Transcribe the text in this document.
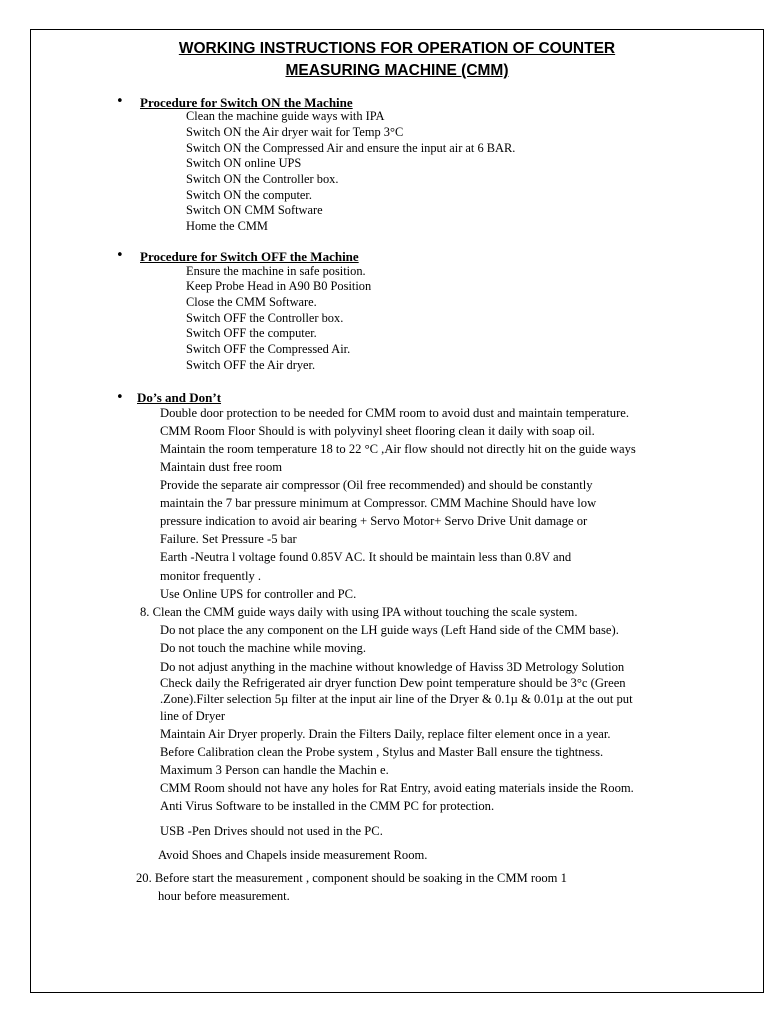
WORKING INSTRUCTIONS FOR OPERATION OF COUNTER
MEASURING MACHINE (CMM)
• Procedure for Switch ON the Machine
Clean the machine guide ways with IPA
Switch ON the Air dryer wait for Temp 3°C
Switch ON the Compressed Air and ensure the input air at 6 BAR.
Switch ON online UPS
Switch ON the Controller box.
Switch ON the computer.
Switch ON CMM Software
Home the CMM
• Procedure for Switch OFF the Machine
Ensure the machine in safe position.
Keep Probe Head in A90 B0 Position
Close the CMM Software.
Switch OFF the Controller box.
Switch OFF the computer.
Switch OFF the Compressed Air.
Switch OFF the Air dryer.
• Do’s and Don’t
Double door protection to be needed for CMM room to avoid dust and maintain temperature.
CMM Room Floor Should is with polyvinyl sheet flooring clean it daily with soap oil.
Maintain the room temperature 18 to 22 °C ,Air flow should not directly hit on the guide ways
Maintain dust free room
Provide the separate air compressor (Oil free recommended) and should be constantly
maintain the 7 bar pressure minimum at Compressor. CMM Machine Should have low
pressure indication to avoid air bearing + Servo Motor+ Servo Drive Unit damage or
Failure. Set Pressure -5 bar
Earth -Neutra l voltage found 0.85V AC. It should be maintain less than 0.8V and
monitor frequently .
Use Online UPS for controller and PC.
8. Clean the CMM guide ways daily with using IPA without touching the scale system.
Do not place the any component on the LH guide ways (Left Hand side of the CMM base).
Do not touch the machine while moving.
Do not adjust anything in the machine without knowledge of Haviss 3D Metrology Solution
Check daily the Refrigerated air dryer function Dew point temperature should be 3°c (Green
.Zone).Filter selection 5µ filter at the input air line of the Dryer & 0.1µ & 0.01µ at the out put
line of Dryer
Maintain Air Dryer properly. Drain the Filters Daily, replace filter element once in a year.
Before Calibration clean the Probe system , Stylus and Master Ball ensure the tightness.
Maximum 3 Person can handle the Machin e.
CMM Room should not have any holes for Rat Entry, avoid eating materials inside the Room.
Anti Virus Software to be installed in the CMM PC for protection.
USB -Pen Drives should not used in the PC.
Avoid Shoes and Chapels inside measurement Room.
20. Before start the measurement , component should be soaking in the CMM room 1
hour before measurement.
